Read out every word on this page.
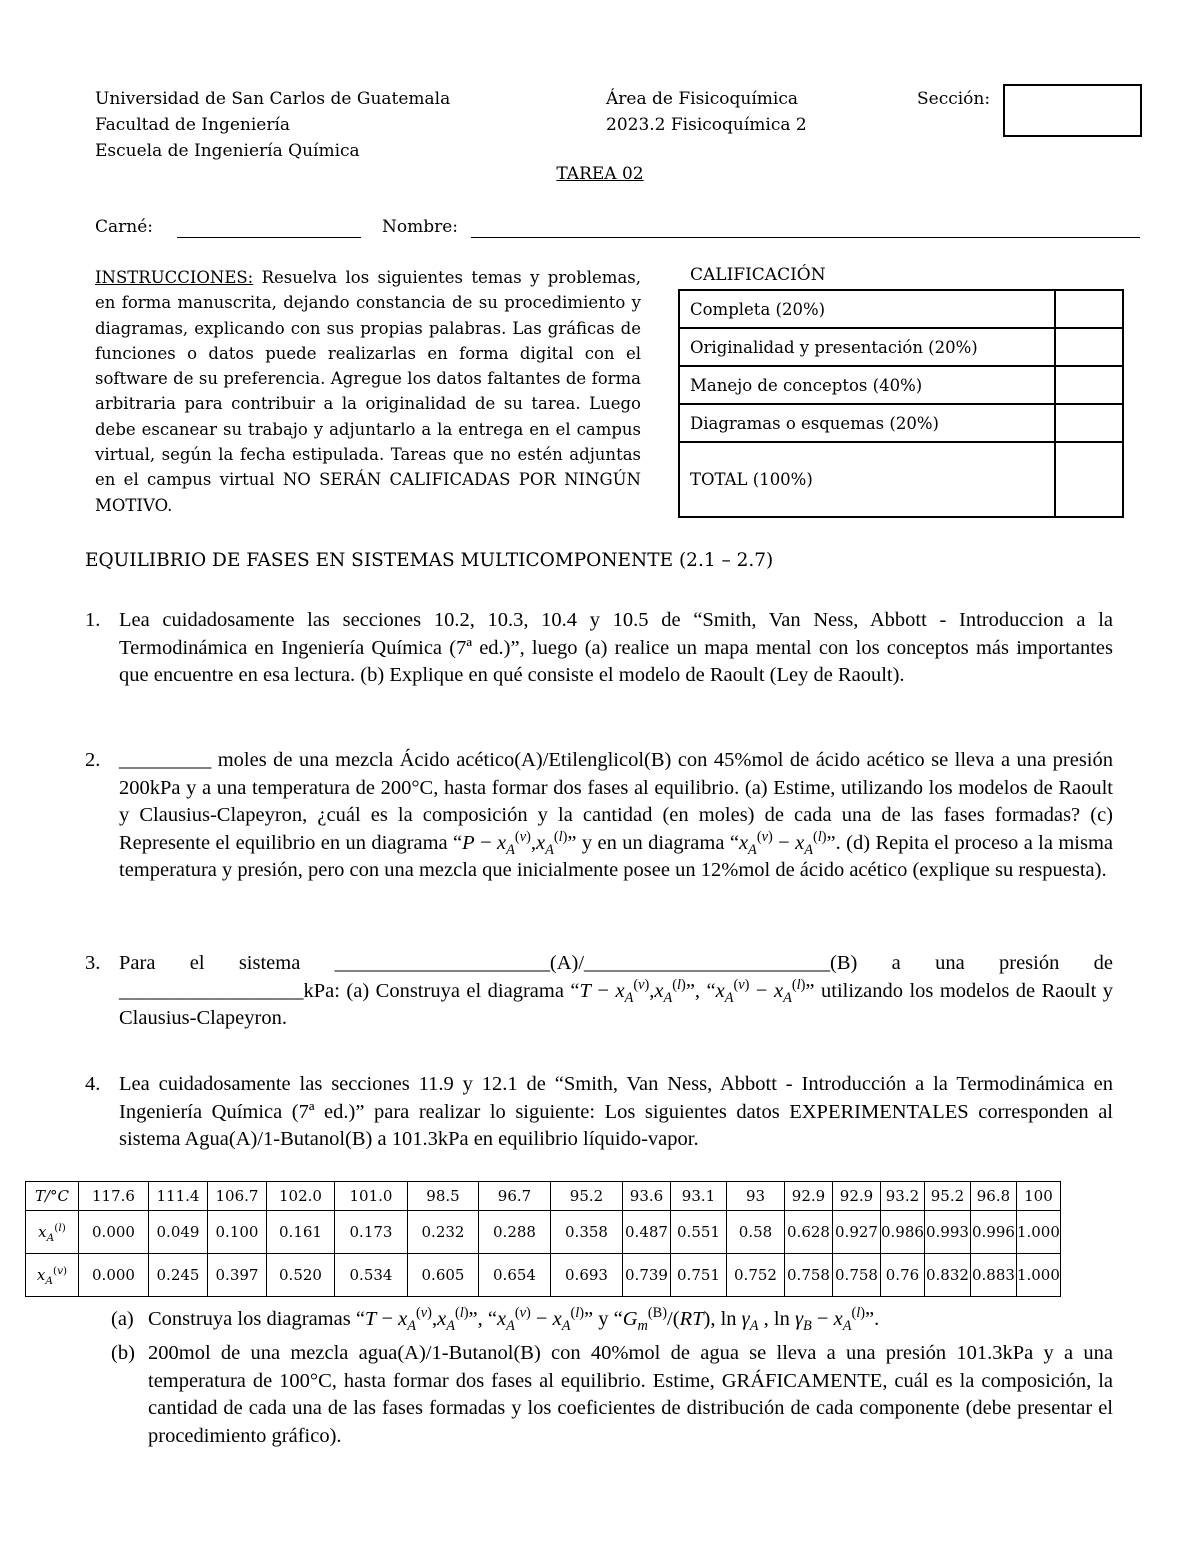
Universidad de San Carlos de Guatemala
Facultad de Ingeniería
Escuela de Ingeniería Química
Área de Fisicoquímica
2023.2 Fisicoquímica 2
Sección:
TAREA 02
Carné:	Nombre:
INSTRUCCIONES: Resuelva los siguientes temas y problemas, en forma manuscrita, dejando constancia de su procedimiento y diagramas, explicando con sus propias palabras. Las gráficas de funciones o datos puede realizarlas en forma digital con el software de su preferencia. Agregue los datos faltantes de forma arbitraria para contribuir a la originalidad de su tarea. Luego debe escanear su trabajo y adjuntarlo a la entrega en el campus virtual, según la fecha estipulada. Tareas que no estén adjuntas en el campus virtual NO SERÁN CALIFICADAS POR NINGÚN MOTIVO.
CALIFICACIÓN
Completa (20%)	
Originalidad y presentación (20%)	
Manejo de conceptos (40%)	
Diagramas o esquemas (20%)	
TOTAL (100%)	
EQUILIBRIO DE FASES EN SISTEMAS MULTICOMPONENTE (2.1 – 2.7)
1. Lea cuidadosamente las secciones 10.2, 10.3, 10.4 y 10.5 de “Smith, Van Ness, Abbott - Introduccion a la Termodinámica en Ingeniería Química (7ª ed.)”, luego (a) realice un mapa mental con los conceptos más importantes que encuentre en esa lectura. (b) Explique en qué consiste el modelo de Raoult (Ley de Raoult).
2. _________ moles de una mezcla Ácido acético(A)/Etilenglicol(B) con 45%mol de ácido acético se lleva a una presión 200kPa y a una temperatura de 200°C, hasta formar dos fases al equilibrio. (a) Estime, utilizando los modelos de Raoult y Clausius-Clapeyron, ¿cuál es la composición y la cantidad (en moles) de cada una de las fases formadas? (c) Represente el equilibrio en un diagrama “$P - x_A^{(v)},x_A^{(l)}$” y en un diagrama “$x_A^{(v)} - x_A^{(l)}$”. (d) Repita el proceso a la misma temperatura y presión, pero con una mezcla que inicialmente posee un 12%mol de ácido acético (explique su respuesta).
3. Para el sistema _____________________(A)/________________________(B) a una presión de __________________kPa: (a) Construya el diagrama “$T - x_A^{(v)},x_A^{(l)}$”, “$x_A^{(v)} - x_A^{(l)}$” utilizando los modelos de Raoult y Clausius-Clapeyron.
4. Lea cuidadosamente las secciones 11.9 y 12.1 de “Smith, Van Ness, Abbott - Introducción a la Termodinámica en Ingeniería Química (7ª ed.)” para realizar lo siguiente: Los siguientes datos EXPERIMENTALES corresponden al sistema Agua(A)/1-Butanol(B) a 101.3kPa en equilibrio líquido-vapor.
T/°C	117.6	111.4	106.7	102.0	101.0	98.5	96.7	95.2	93.6	93.1	93	92.9	92.9	93.2	95.2	96.8	100
$x_A^{(l)}$	0.000	0.049	0.100	0.161	0.173	0.232	0.288	0.358	0.487	0.551	0.58	0.628	0.927	0.986	0.993	0.996	1.000
$x_A^{(v)}$	0.000	0.245	0.397	0.520	0.534	0.605	0.654	0.693	0.739	0.751	0.752	0.758	0.758	0.76	0.832	0.883	1.000
(a) Construya los diagramas “$T - x_A^{(v)},x_A^{(l)}$”, “$x_A^{(v)} - x_A^{(l)}$” y “$G_m^{(B)}/(RT)$, $\ln \gamma_A$ , $\ln \gamma_B - x_A^{(l)}$”.
(b) 200mol de una mezcla agua(A)/1-Butanol(B) con 40%mol de agua se lleva a una presión 101.3kPa y a una temperatura de 100°C, hasta formar dos fases al equilibrio. Estime, GRÁFICAMENTE, cuál es la composición, la cantidad de cada una de las fases formadas y los coeficientes de distribución de cada componente (debe presentar el procedimiento gráfico).
